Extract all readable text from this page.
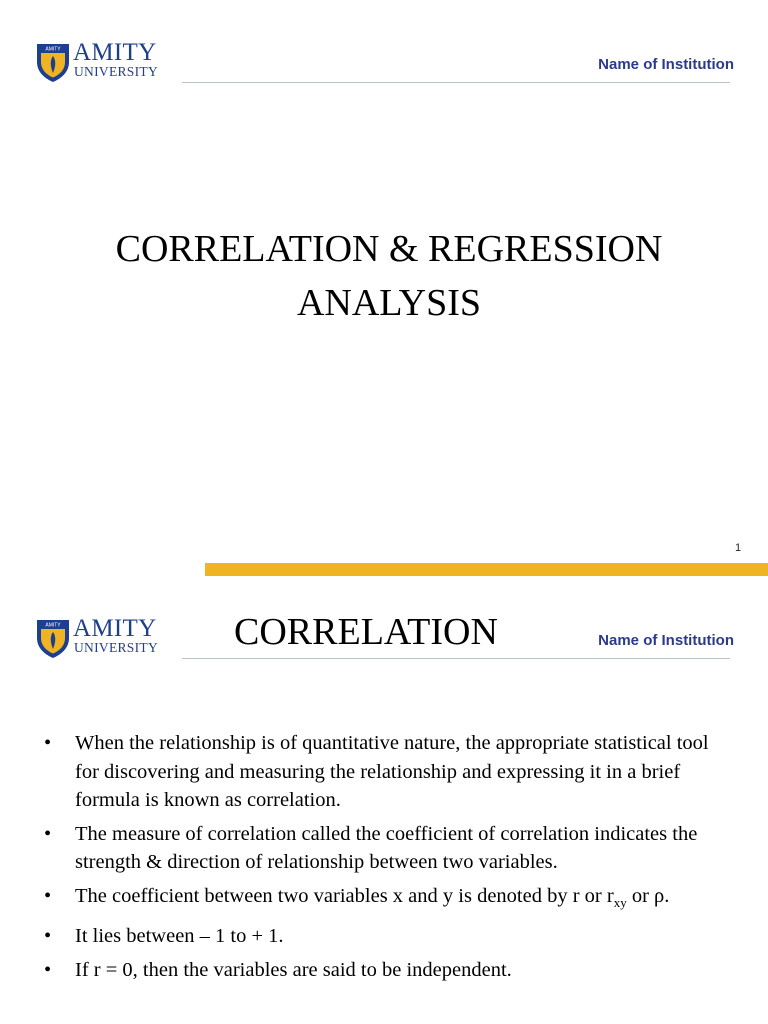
AMITY AMITY
UNIVERSITY	Name of Institution
CORRELATION & REGRESSION
ANALYSIS
1
AMITY AMITY
UNIVERSITY CORRELATION	Name of Institution
• When the relationship is of quantitative nature, the appropriate statistical tool for discovering and measuring the relationship and expressing it in a brief formula is known as correlation.
• The measure of correlation called the coefficient of correlation indicates the strength & direction of relationship between two variables.
• The coefficient between two variables x and y is denoted by r or $r_{xy}$ or ρ.
• It lies between – 1 to + 1.
• If r = 0, then the variables are said to be independent.
